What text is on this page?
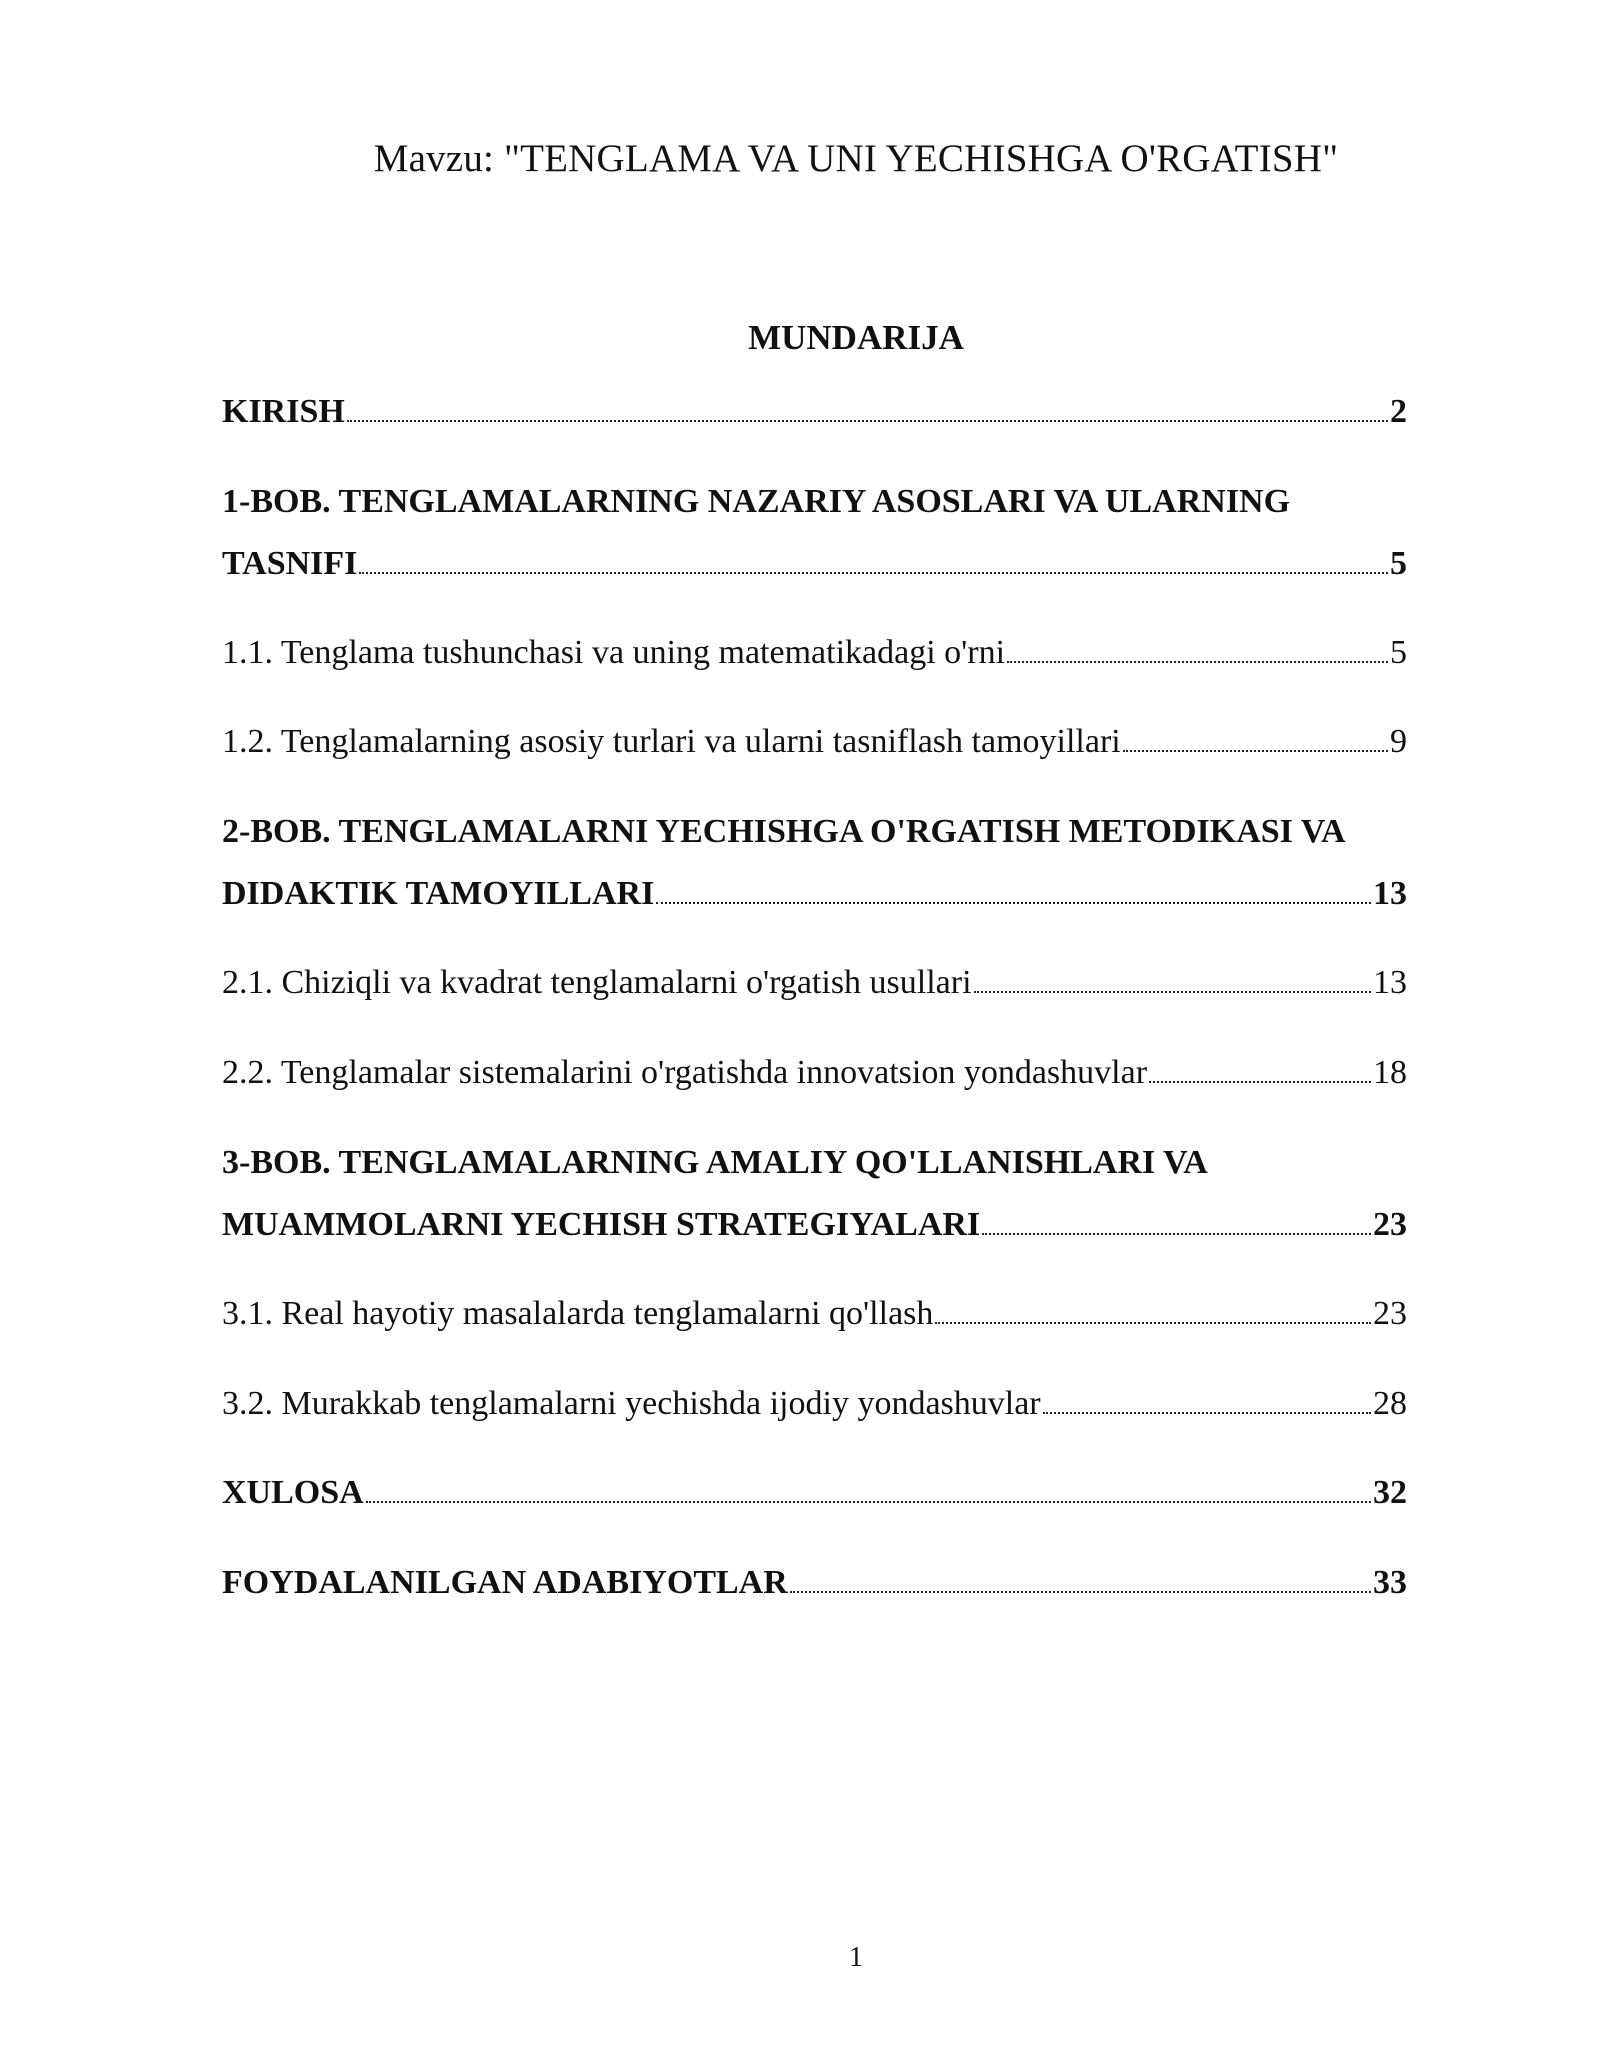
Mavzu: "TENGLAMA VA UNI YECHISHGA O'RGATISH"
MUNDARIJA
KIRISH	2
1-BOB. TENGLAMALARNING NAZARIY ASOSLARI VA ULARNING
TASNIFI	5
1.1. Tenglama tushunchasi va uning matematikadagi o'rni	5
1.2. Tenglamalarning asosiy turlari va ularni tasniflash tamoyillari	9
2-BOB. TENGLAMALARNI YECHISHGA O'RGATISH METODIKASI VA
DIDAKTIK TAMOYILLARI	13
2.1. Chiziqli va kvadrat tenglamalarni o'rgatish usullari	13
2.2. Tenglamalar sistemalarini o'rgatishda innovatsion yondashuvlar	18
3-BOB. TENGLAMALARNING AMALIY QO'LLANISHLARI VA
MUAMMOLARNI YECHISH STRATEGIYALARI	23
3.1. Real hayotiy masalalarda tenglamalarni qo'llash	23
3.2. Murakkab tenglamalarni yechishda ijodiy yondashuvlar	28
XULOSA	32
FOYDALANILGAN ADABIYOTLAR	33
1
